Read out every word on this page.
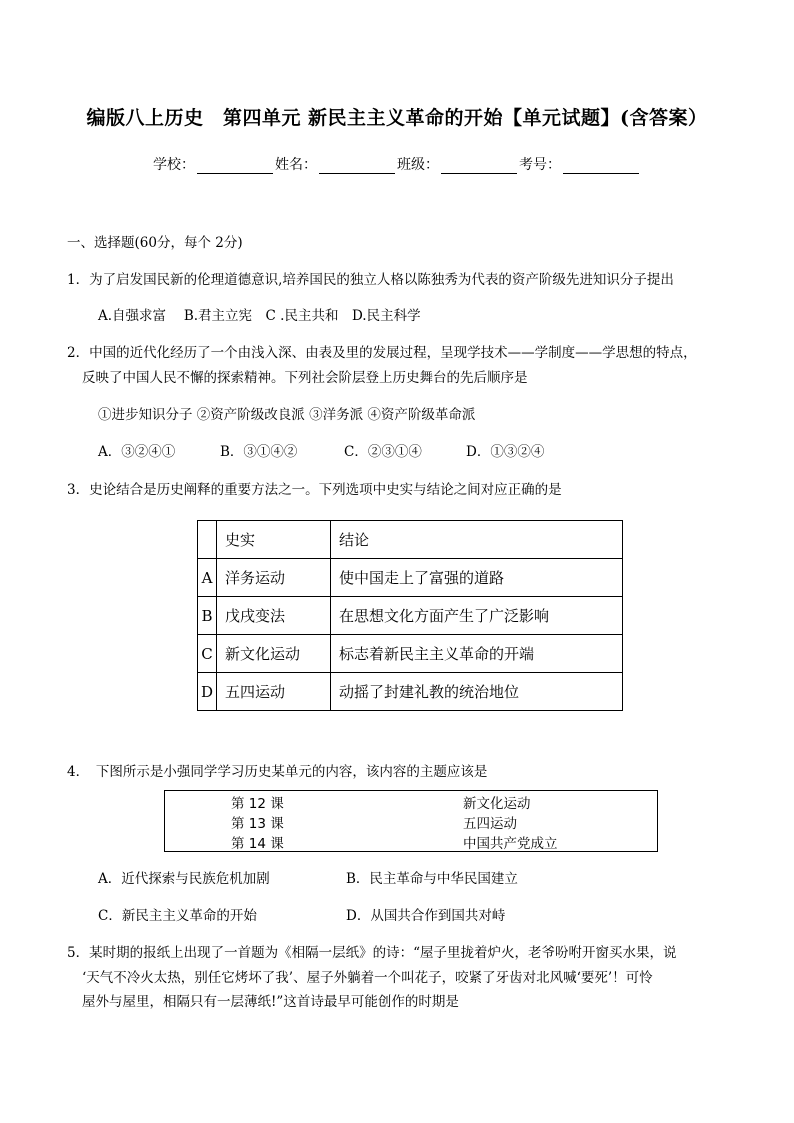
编版八上历史　第四单元 新民主主义革命的开始【单元试题】(含答案）
学校：	姓名：	班级：	考号：
一、选择题(60分，每个 2分)
1．为了启发国民新的伦理道德意识,培养国民的独立人格以陈独秀为代表的资产阶级先进知识分子提出
A.自强求富　 B.君主立宪　C .民主共和　D.民主科学
2．中国的近代化经历了一个由浅入深、由表及里的发展过程，呈现学技术——学制度——学思想的特点，
反映了中国人民不懈的探索精神。下列社会阶层登上历史舞台的先后顺序是
①进步知识分子 ②资产阶级改良派 ③洋务派 ④资产阶级革命派
A．③②④①	B．③①④②	C．②③①④	D．①③②④
3．史论结合是历史阐释的重要方法之一。下列选项中史实与结论之间对应正确的是
	史实	结论
A	洋务运动	使中国走上了富强的道路
B	戊戌变法	在思想文化方面产生了广泛影响
C	新文化运动	标志着新民主主义革命的开端
D	五四运动	动摇了封建礼教的统治地位
4．　下图所示是小强同学学习历史某单元的内容，该内容的主题应该是
第 12 课	新文化运动
第 13 课	五四运动
第 14 课	中国共产党成立
A．近代探索与民族危机加剧	B．民主革命与中华民国建立
C．新民主主义革命的开始	D．从国共合作到国共对峙
5．某时期的报纸上出现了一首题为《相隔一层纸》的诗：“屋子里拢着炉火，老爷吩咐开窗买水果，说
‘天气不冷火太热，别任它烤坏了我’、屋子外躺着一个叫花子，咬紧了牙齿对北风喊‘要死’！可怜
屋外与屋里，相隔只有一层薄纸!”这首诗最早可能创作的时期是
